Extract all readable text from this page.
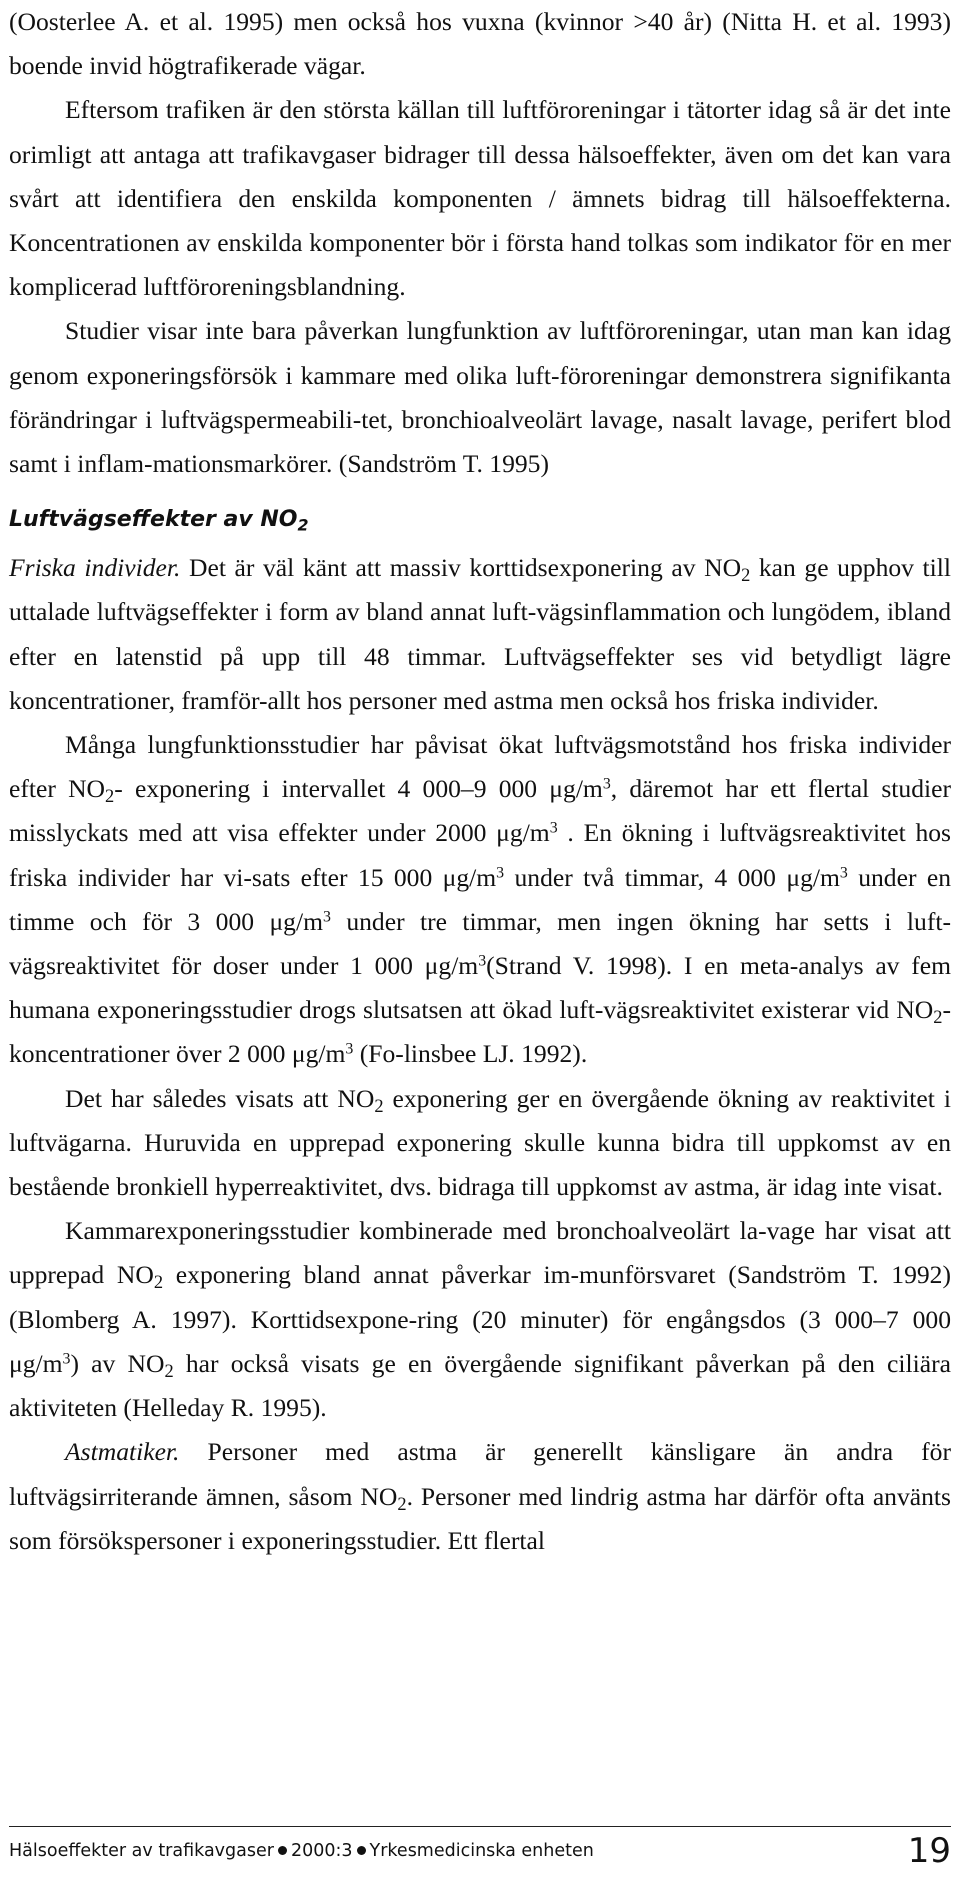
(Oosterlee A. et al. 1995) men också hos vuxna (kvinnor >40 år) (Nitta H. et al. 1993) boende invid högtrafikerade vägar.

Eftersom trafiken är den största källan till luftföroreningar i tätorter idag så är det inte orimligt att antaga att trafikavgaser bidrager till dessa hälsoeffekter, även om det kan vara svårt att identifiera den enskilda komponenten / ämnets bidrag till hälsoeffekterna. Koncentrationen av enskilda komponenter bör i första hand tolkas som indikator för en mer komplicerad luftföroreningsblandning.

Studier visar inte bara påverkan lungfunktion av luftföroreningar, utan man kan idag genom exponeringsförsök i kammare med olika luft-föroreningar demonstrera signifikanta förändringar i luftvägspermeabili-tet, bronchioalveolärt lavage, nasalt lavage, perifert blod samt i inflam-mationsmarkörer. (Sandström T. 1995)

Luftvägseffekter av $NO_2$

Friska individer. Det är väl känt att massiv korttidsexponering av $NO_2$ kan ge upphov till uttalade luftvägseffekter i form av bland annat luft-vägsinflammation och lungödem, ibland efter en latenstid på upp till 48 timmar. Luftvägseffekter ses vid betydligt lägre koncentrationer, framför-allt hos personer med astma men också hos friska individer.

Många lungfunktionsstudier har påvisat ökat luftvägsmotstånd hos friska individer efter $NO_2-$ exponering i intervallet 4 000–9 000 $\mu g/m^3$, däremot har ett flertal studier misslyckats med att visa effekter under 2000 $\mu g/m^3$ . En ökning i luftvägsreaktivitet hos friska individer har vi-sats efter 15 000 $\mu g/m^3$ under två timmar, 4 000 $\mu g/m^3$ under en timme och för 3 000 $\mu g/m^3$ under tre timmar, men ingen ökning har setts i luft-vägsreaktivitet för doser under 1 000 $\mu g/m^3(Strand$ V. 1998). I en meta-analys av fem humana exponeringsstudier drogs slutsatsen att ökad luft-vägsreaktivitet existerar vid $NO_2$-koncentrationer över 2 000 $\mu g/m^3$ (Fo-linsbee LJ. 1992).

Det har således visats att $NO_2$ exponering ger en övergående ökning av reaktivitet i luftvägarna. Huruvida en upprepad exponering skulle kunna bidra till uppkomst av en bestående bronkiell hyperreaktivitet, dvs. bidraga till uppkomst av astma, är idag inte visat.

Kammarexponeringsstudier kombinerade med bronchoalveolärt la-vage har visat att upprepad $NO_2$ exponering bland annat påverkar im-munförsvaret (Sandström T. 1992) (Blomberg A. 1997). Korttidsexpone-ring (20 minuter) för engångsdos (3 000–7 000 $\mu g/m^3$) av $NO_2$ har också visats ge en övergående signifikant påverkan på den ciliära aktiviteten (Helleday R. 1995).

Astmatiker. Personer med astma är generellt känsligare än andra för luftvägsirriterande ämnen, såsom $NO_2$. Personer med lindrig astma har därför ofta använts som försökspersoner i exponeringsstudier. Ett flertal

Hälsoeffekter av trafikavgaser 2000:3 Yrkesmedicinska enheten	19
